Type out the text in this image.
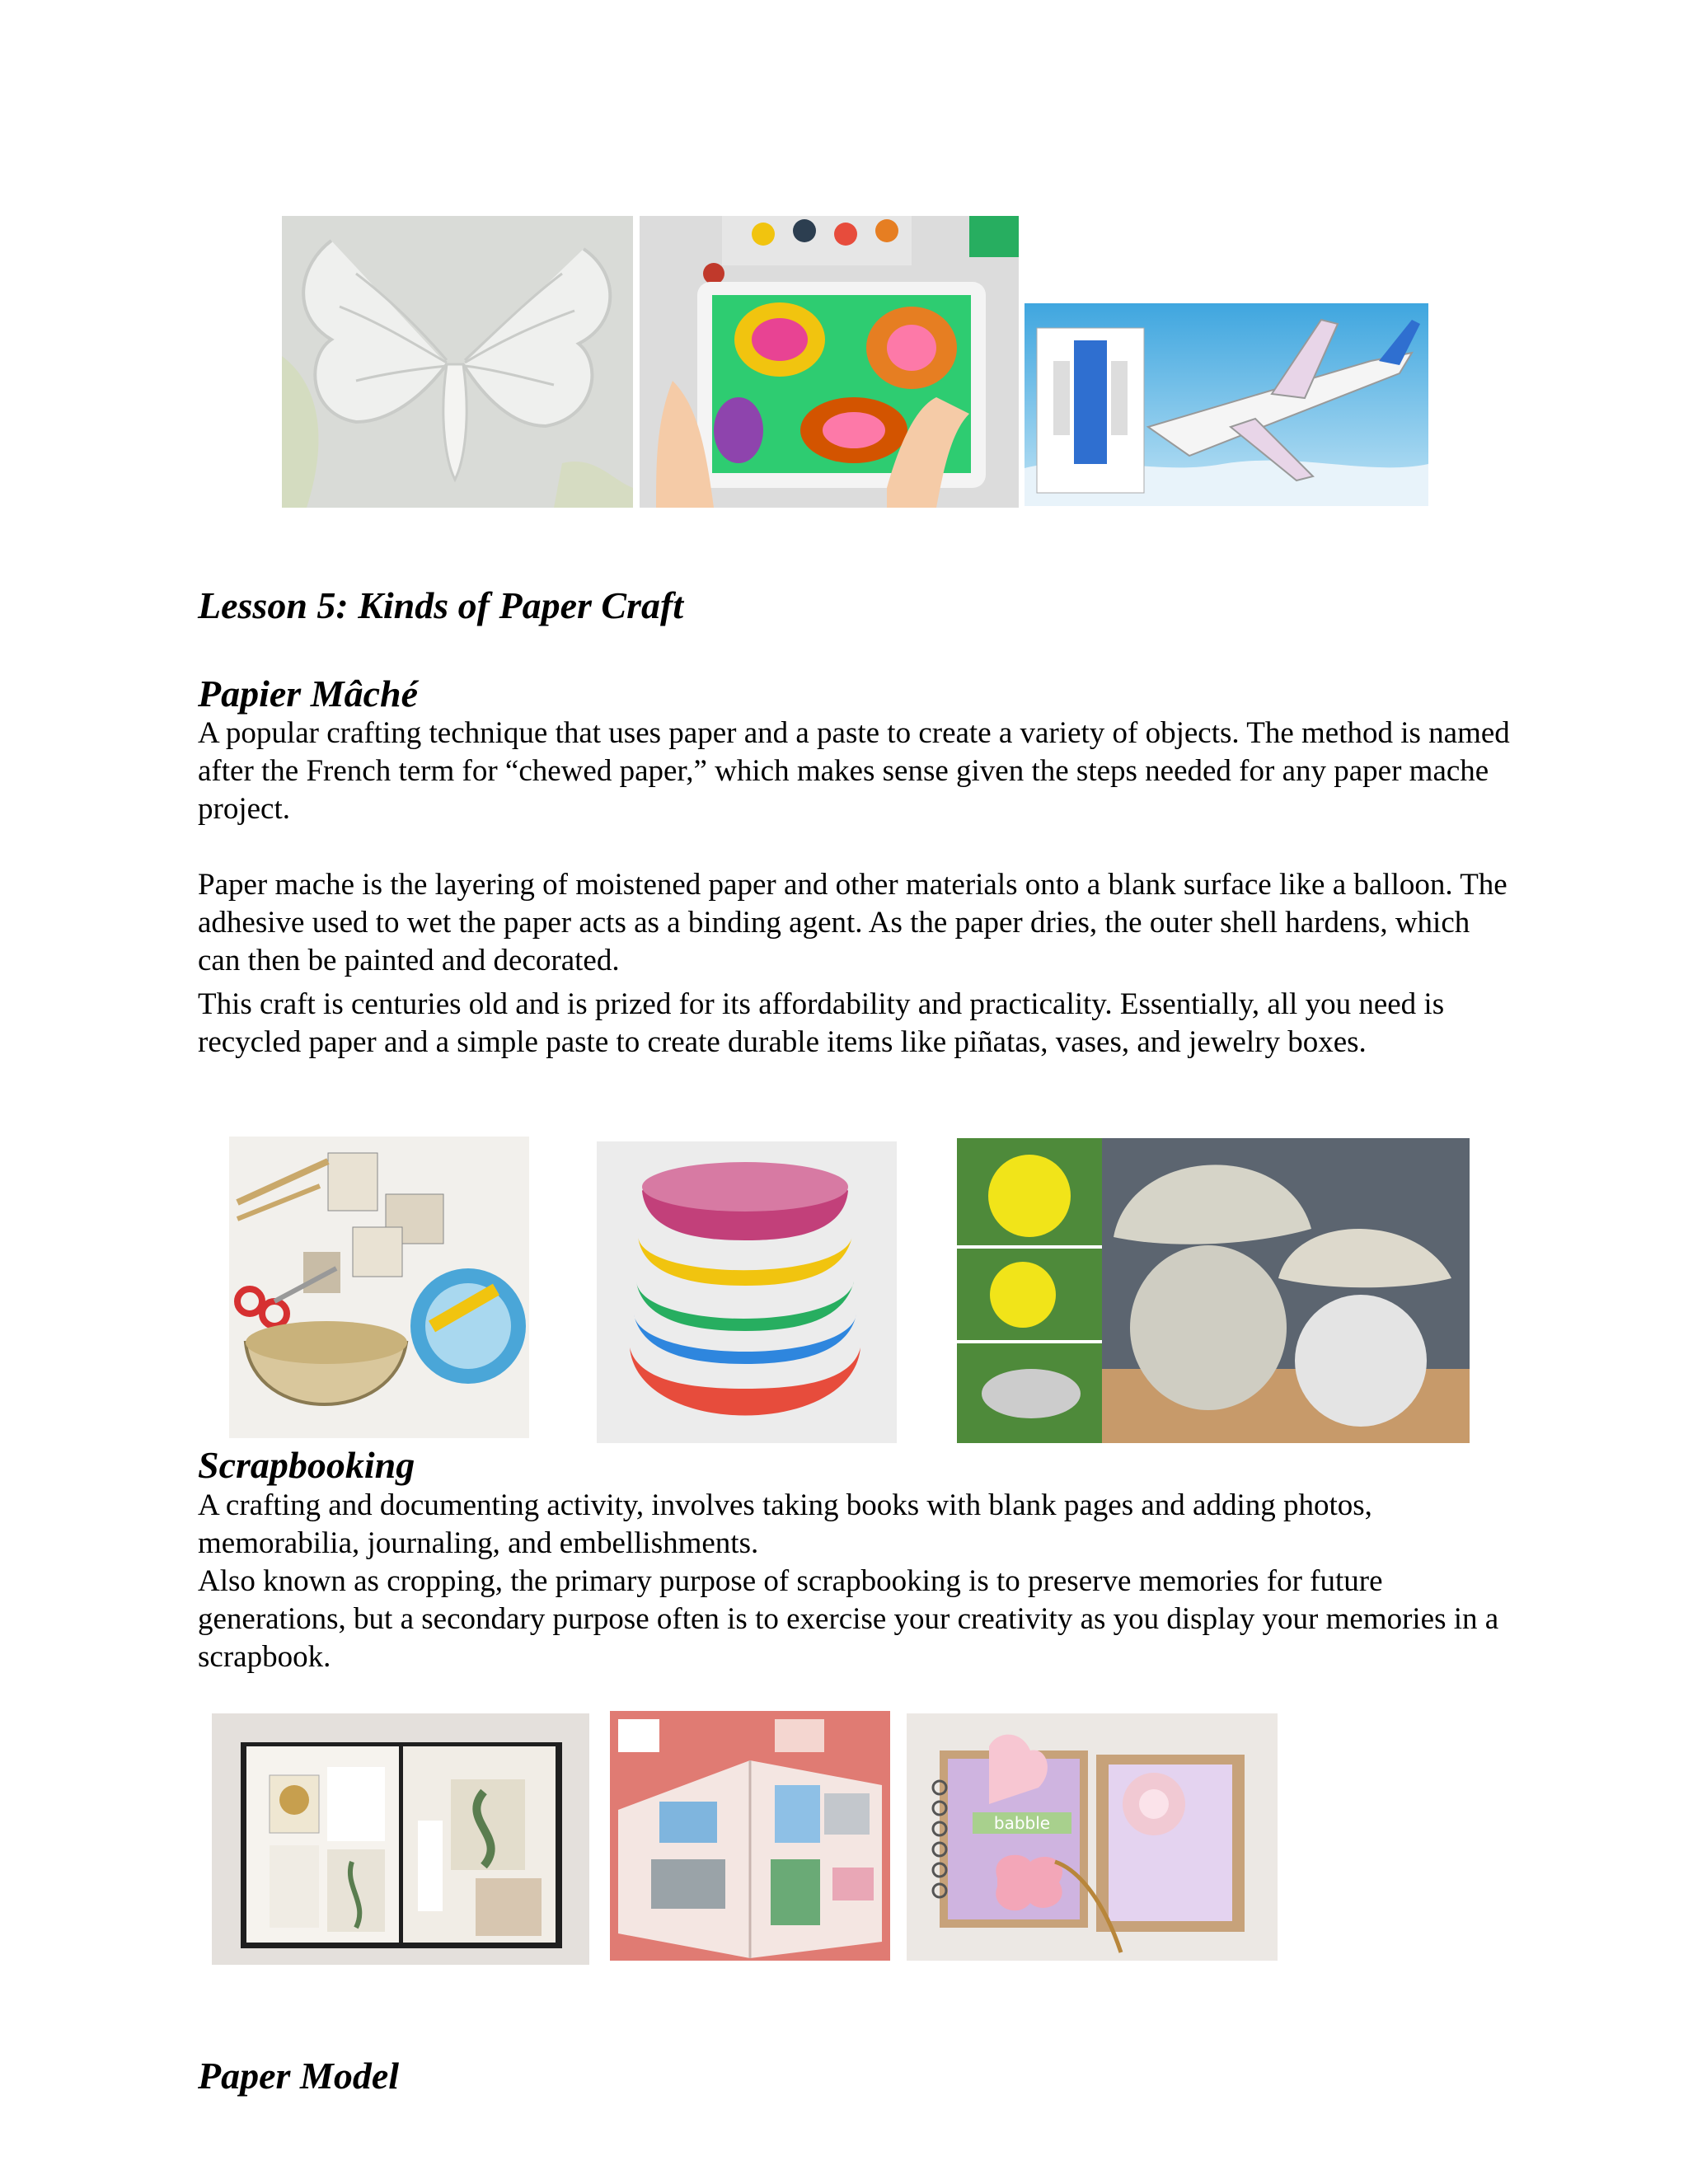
Lesson 5: Kinds of Paper Craft
Papier Mâché

A popular crafting technique that uses paper and a paste to create a variety of objects. The method is named after the French term for “chewed paper,” which makes sense given the steps needed for any paper mache project.

Paper mache is the layering of moistened paper and other materials onto a blank surface like a balloon. The adhesive used to wet the paper acts as a binding agent. As the paper dries, the outer shell hardens, which can then be painted and decorated.

This craft is centuries old and is prized for its affordability and practicality. Essentially, all you need is recycled paper and a simple paste to create durable items like piñatas, vases, and jewelry boxes.

Scrapbooking

A crafting and documenting activity, involves taking books with blank pages and adding photos, memorabilia, journaling, and embellishments.

Also known as cropping, the primary purpose of scrapbooking is to preserve memories for future generations, but a secondary purpose often is to exercise your creativity as you display your memories in a scrapbook.

babble
Paper Model
